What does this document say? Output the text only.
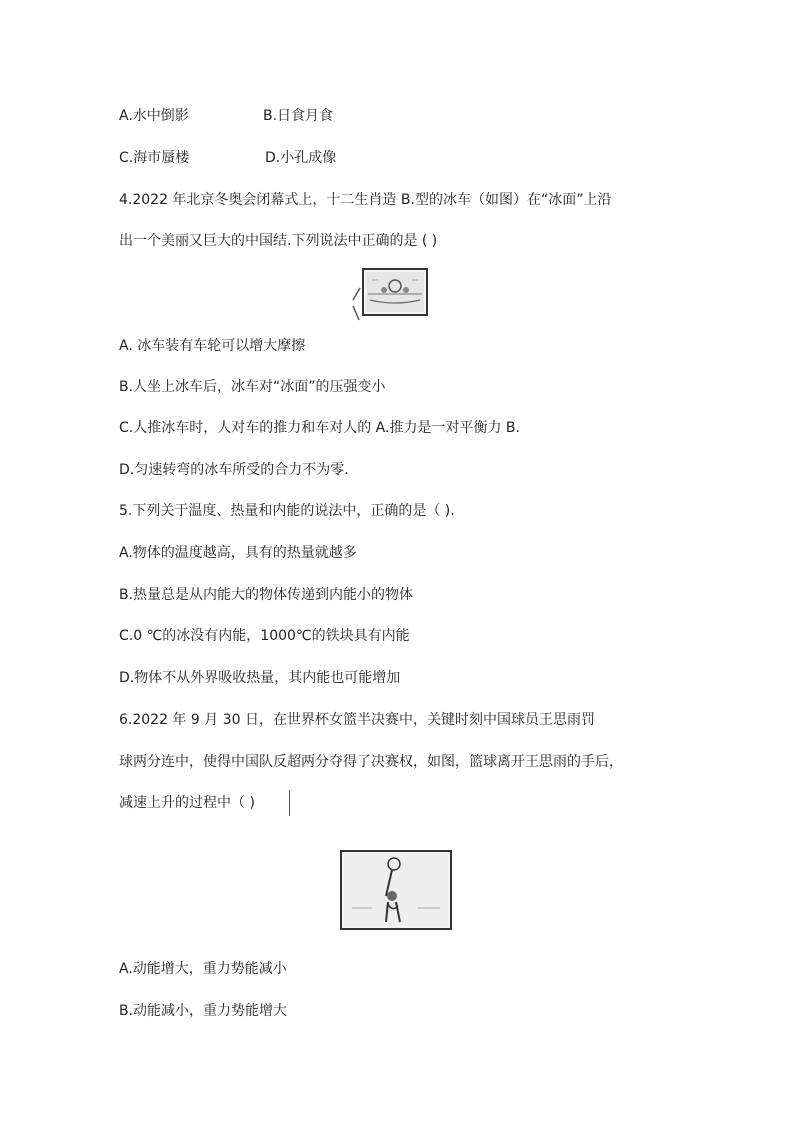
A.水中倒影	B.日食月食
C.海市蜃楼	D.小孔成像
4.2022 年北京冬奥会闭幕式上，十二生肖造 B.型的冰车（如图）在“冰面”上沿
出一个美丽又巨大的中国结.下列说法中正确的是 ( )
A. 冰车装有车轮可以增大摩擦
B.人坐上冰车后，冰车对“冰面”的压强变小
C.人推冰车时，人对车的推力和车对人的 A.推力是一对平衡力 B.
D.匀速转弯的冰车所受的合力不为零.
5.下列关于温度、热量和内能的说法中，正确的是（ ).
A.物体的温度越高，具有的热量就越多
B.热量总是从内能大的物体传递到内能小的物体
C.0 ℃的冰没有内能，1000℃的铁块具有内能
D.物体不从外界吸收热量，其内能也可能增加
6.2022 年 9 月 30 日，在世界杯女篮半决赛中，关键时刻中国球员王思雨罚
球两分连中，使得中国队反超两分夺得了决赛权，如图，篮球离开王思雨的手后，
减速上升的过程中（ )
A.动能增大，重力势能减小
B.动能减小，重力势能增大
